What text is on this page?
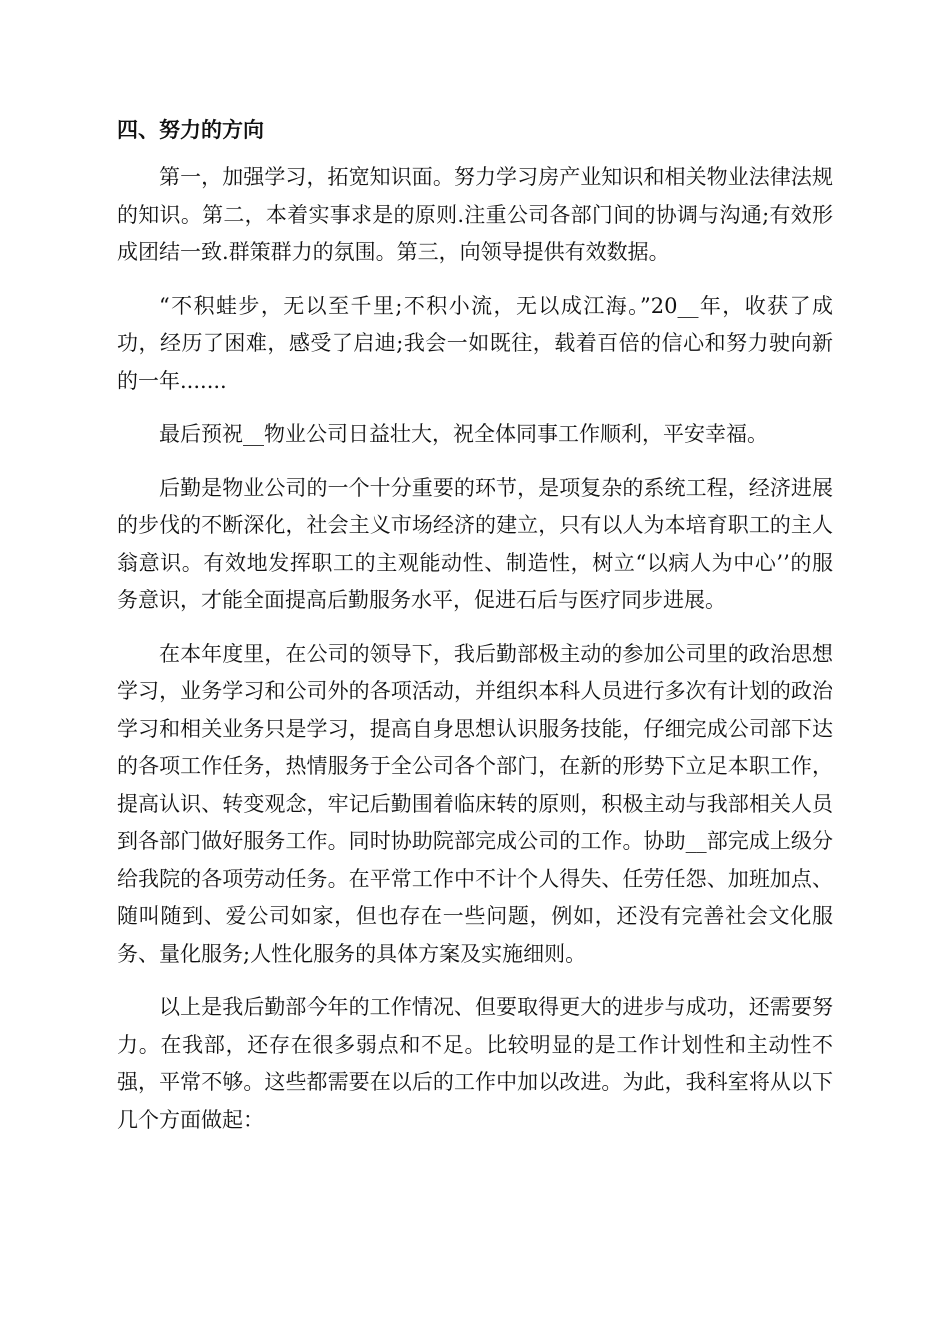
四、努力的方向

第一，加强学习，拓宽知识面。努力学习房产业知识和相关物业法律法规的知识。第二，本着实事求是的原则.注重公司各部门间的协调与沟通;有效形成团结一致.群策群力的氛围。第三，向领导提供有效数据。

“不积蛙步，无以至千里;不积小流，无以成江海。”20__年，收获了成功，经历了困难，感受了启迪;我会一如既往，载着百倍的信心和努力驶向新的一年.......

最后预祝__物业公司日益壮大，祝全体同事工作顺利，平安幸福。

后勤是物业公司的一个十分重要的环节，是项复杂的系统工程，经济进展的步伐的不断深化，社会主义市场经济的建立，只有以人为本培育职工的主人翁意识。有效地发挥职工的主观能动性、制造性，树立“以病人为中心’’的服务意识，才能全面提高后勤服务水平，促进石后与医疗同步进展。

在本年度里，在公司的领导下，我后勤部极主动的参加公司里的政治思想学习，业务学习和公司外的各项活动，并组织本科人员进行多次有计划的政治学习和相关业务只是学习，提高自身思想认识服务技能，仔细完成公司部下达的各项工作任务，热情服务于全公司各个部门，在新的形势下立足本职工作，提高认识、转变观念，牢记后勤围着临床转的原则，积极主动与我部相关人员到各部门做好服务工作。同时协助院部完成公司的工作。协助__部完成上级分给我院的各项劳动任务。在平常工作中不计个人得失、任劳任怨、加班加点、随叫随到、爱公司如家，但也存在一些问题，例如，还没有完善社会文化服务、量化服务;人性化服务的具体方案及实施细则。

以上是我后勤部今年的工作情况、但要取得更大的进步与成功，还需要努力。在我部，还存在很多弱点和不足。比较明显的是工作计划性和主动性不强，平常不够。这些都需要在以后的工作中加以改进。为此，我科室将从以下几个方面做起：
